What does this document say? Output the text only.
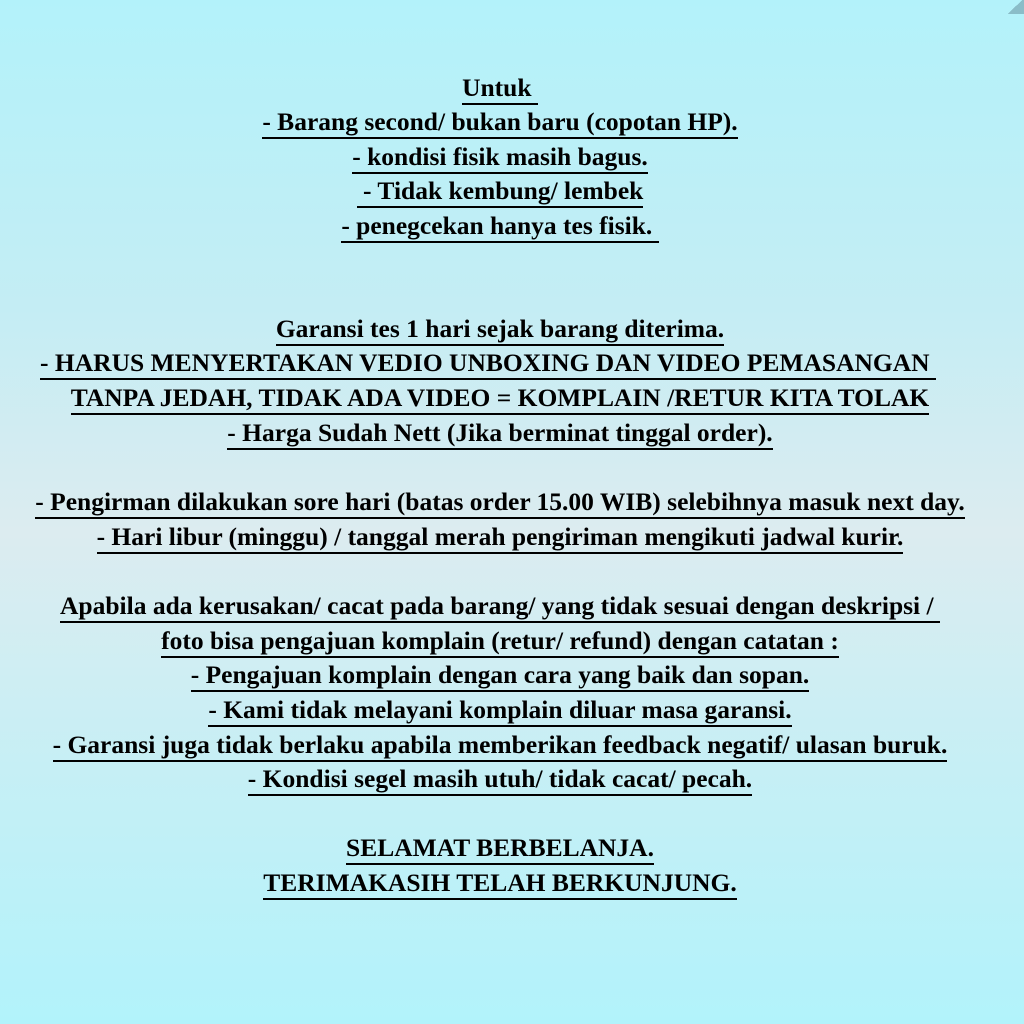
Untuk
- Barang second/ bukan baru (copotan HP).
- kondisi fisik masih bagus.
- Tidak kembung/ lembek
- penegcekan hanya tes fisik.
Garansi tes 1 hari sejak barang diterima.
- HARUS MENYERTAKAN VEDIO UNBOXING DAN VIDEO PEMASANGAN
TANPA JEDAH, TIDAK ADA VIDEO = KOMPLAIN /RETUR KITA TOLAK
- Harga Sudah Nett (Jika berminat tinggal order).
- Pengirman dilakukan sore hari (batas order 15.00 WIB) selebihnya masuk next day.
- Hari libur (minggu) / tanggal merah pengiriman mengikuti jadwal kurir.
Apabila ada kerusakan/ cacat pada barang/ yang tidak sesuai dengan deskripsi /
foto bisa pengajuan komplain (retur/ refund) dengan catatan :
- Pengajuan komplain dengan cara yang baik dan sopan.
- Kami tidak melayani komplain diluar masa garansi.
- Garansi juga tidak berlaku apabila memberikan feedback negatif/ ulasan buruk.
- Kondisi segel masih utuh/ tidak cacat/ pecah.
SELAMAT BERBELANJA.
TERIMAKASIH TELAH BERKUNJUNG.
